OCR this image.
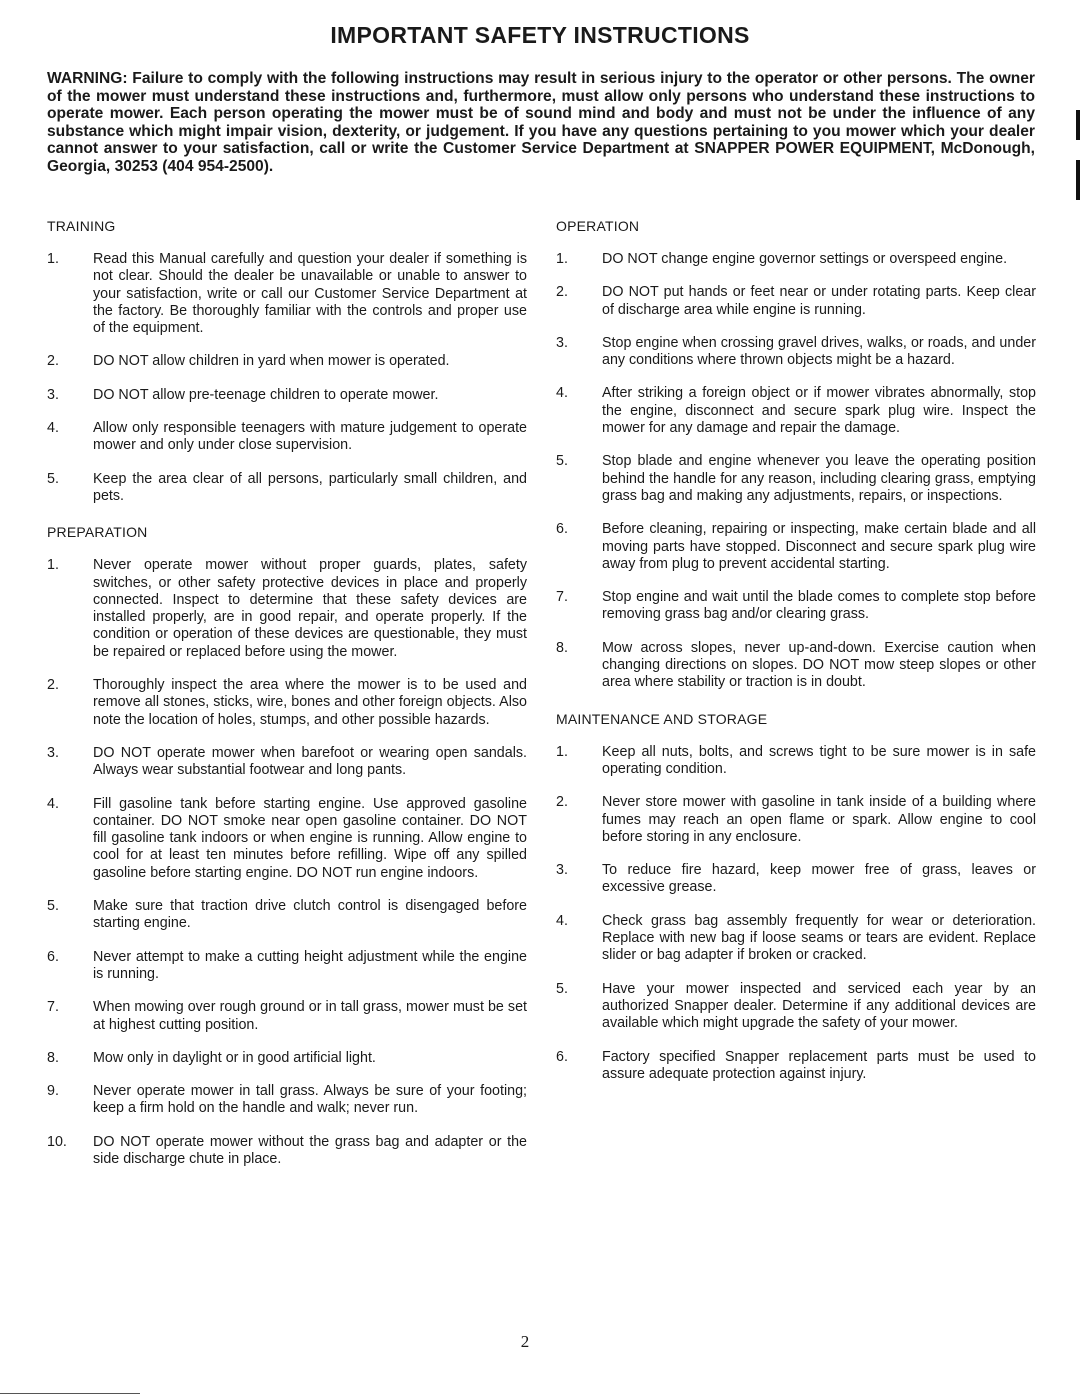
IMPORTANT SAFETY INSTRUCTIONS
WARNING: Failure to comply with the following instructions may result in serious injury to the operator or other persons. The owner of the mower must understand these instructions and, furthermore, must allow only persons who understand these instructions to operate mower. Each person operating the mower must be of sound mind and body and must not be under the influence of any substance which might impair vision, dexterity, or judgement. If you have any questions pertaining to you mower which your dealer cannot answer to your satisfaction, call or write the Customer Service Department at SNAPPER POWER EQUIPMENT, McDonough, Georgia, 30253 (404 954-2500).
TRAINING
1. Read this Manual carefully and question your dealer if something is not clear. Should the dealer be unavailable or unable to answer to your satisfaction, write or call our Customer Service Department at the factory. Be thoroughly familiar with the controls and proper use of the equipment.
2. DO NOT allow children in yard when mower is operated.
3. DO NOT allow pre-teenage children to operate mower.
4. Allow only responsible teenagers with mature judgement to operate mower and only under close supervision.
5. Keep the area clear of all persons, particularly small children, and pets.
PREPARATION
1. Never operate mower without proper guards, plates, safety switches, or other safety protective devices in place and properly connected. Inspect to determine that these safety devices are installed properly, are in good repair, and operate properly. If the condition or operation of these devices are questionable, they must be repaired or replaced before using the mower.
2. Thoroughly inspect the area where the mower is to be used and remove all stones, sticks, wire, bones and other foreign objects. Also note the location of holes, stumps, and other possible hazards.
3. DO NOT operate mower when barefoot or wearing open sandals. Always wear substantial footwear and long pants.
4. Fill gasoline tank before starting engine. Use approved gasoline container. DO NOT smoke near open gasoline container. DO NOT fill gasoline tank indoors or when engine is running. Allow engine to cool for at least ten minutes before refilling. Wipe off any spilled gasoline before starting engine. DO NOT run engine indoors.
5. Make sure that traction drive clutch control is disengaged before starting engine.
6. Never attempt to make a cutting height adjustment while the engine is running.
7. When mowing over rough ground or in tall grass, mower must be set at highest cutting position.
8. Mow only in daylight or in good artificial light.
9. Never operate mower in tall grass. Always be sure of your footing; keep a firm hold on the handle and walk; never run.
10. DO NOT operate mower without the grass bag and adapter or the side discharge chute in place.
OPERATION
1. DO NOT change engine governor settings or overspeed engine.
2. DO NOT put hands or feet near or under rotating parts. Keep clear of discharge area while engine is running.
3. Stop engine when crossing gravel drives, walks, or roads, and under any conditions where thrown objects might be a hazard.
4. After striking a foreign object or if mower vibrates abnormally, stop the engine, disconnect and secure spark plug wire. Inspect the mower for any damage and repair the damage.
5. Stop blade and engine whenever you leave the operating position behind the handle for any reason, including clearing grass, emptying grass bag and making any adjustments, repairs, or inspections.
6. Before cleaning, repairing or inspecting, make certain blade and all moving parts have stopped. Disconnect and secure spark plug wire away from plug to prevent accidental starting.
7. Stop engine and wait until the blade comes to complete stop before removing grass bag and/or clearing grass.
8. Mow across slopes, never up-and-down. Exercise caution when changing directions on slopes. DO NOT mow steep slopes or other area where stability or traction is in doubt.
MAINTENANCE AND STORAGE
1. Keep all nuts, bolts, and screws tight to be sure mower is in safe operating condition.
2. Never store mower with gasoline in tank inside of a building where fumes may reach an open flame or spark. Allow engine to cool before storing in any enclosure.
3. To reduce fire hazard, keep mower free of grass, leaves or excessive grease.
4. Check grass bag assembly frequently for wear or deterioration. Replace with new bag if loose seams or tears are evident. Replace slider or bag adapter if broken or cracked.
5. Have your mower inspected and serviced each year by an authorized Snapper dealer. Determine if any additional devices are available which might upgrade the safety of your mower.
6. Factory specified Snapper replacement parts must be used to assure adequate protection against injury.
2
